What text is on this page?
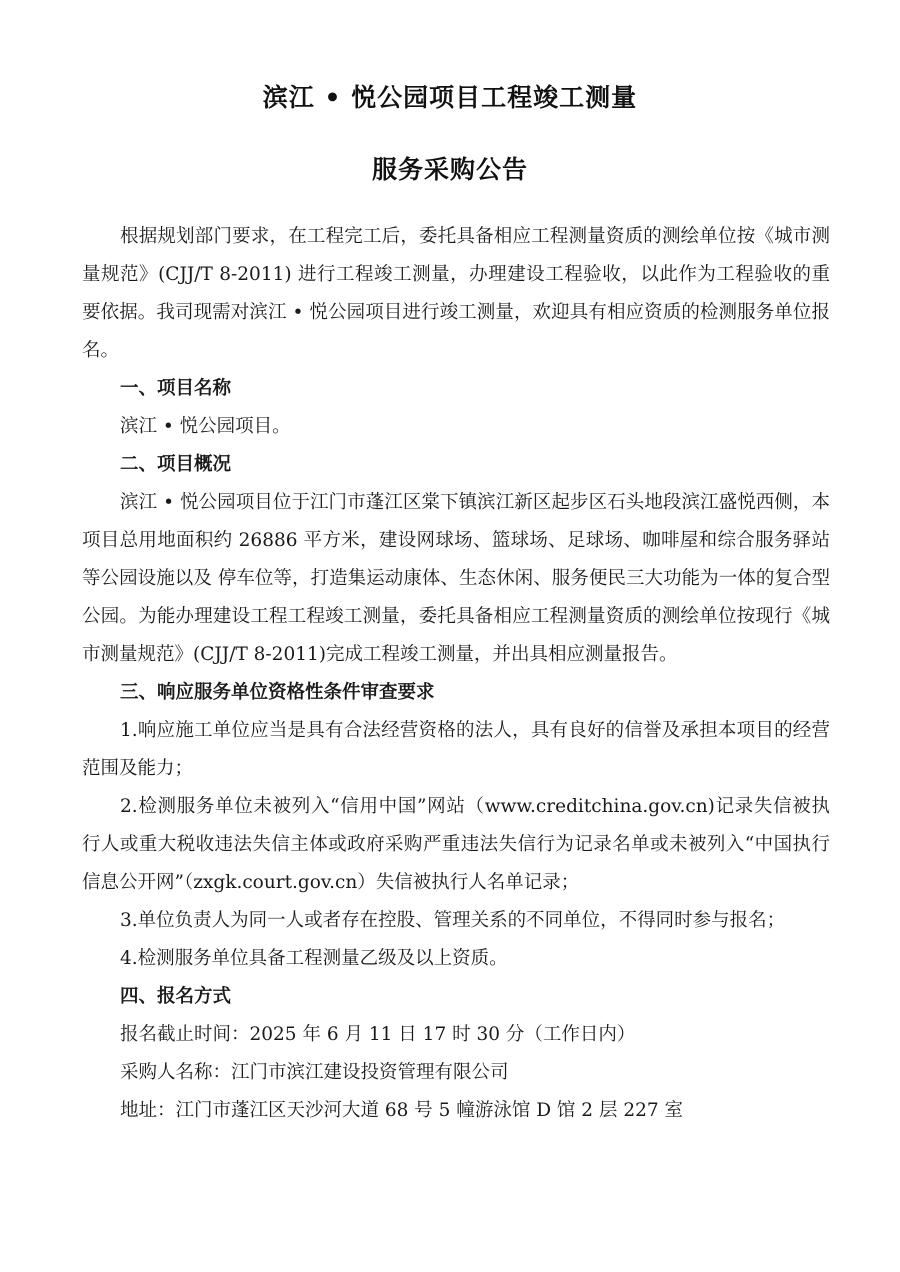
滨江 • 悦公园项目工程竣工测量
服务采购公告

根据规划部门要求，在工程完工后，委托具备相应工程测量资质的测绘单位按《城市测量规范》(CJJ/T 8-2011) 进行工程竣工测量，办理建设工程验收，以此作为工程验收的重要依据。我司现需对滨江 • 悦公园项目进行竣工测量，欢迎具有相应资质的检测服务单位报名。

一、项目名称

滨江 • 悦公园项目。

二、项目概况

滨江 • 悦公园项目位于江门市蓬江区棠下镇滨江新区起步区石头地段滨江盛悦西侧，本项目总用地面积约 26886 平方米，建设网球场、篮球场、足球场、咖啡屋和综合服务驿站等公园设施以及 停车位等，打造集运动康体、生态休闲、服务便民三大功能为一体的复合型公园。为能办理建设工程工程竣工测量，委托具备相应工程测量资质的测绘单位按现行《城市测量规范》(CJJ/T 8-2011)完成工程竣工测量，并出具相应测量报告。

三、响应服务单位资格性条件审查要求

1.响应施工单位应当是具有合法经营资格的法人，具有良好的信誉及承担本项目的经营范围及能力；

2.检测服务单位未被列入“信用中国”网站（www.creditchina.gov.cn)记录失信被执行人或重大税收违法失信主体或政府采购严重违法失信行为记录名单或未被列入“中国执行信息公开网”（zxgk.court.gov.cn）失信被执行人名单记录；

3.单位负责人为同一人或者存在控股、管理关系的不同单位，不得同时参与报名；

4.检测服务单位具备工程测量乙级及以上资质。

四、报名方式

报名截止时间：2025 年 6 月 11 日 17 时 30 分（工作日内）

采购人名称：江门市滨江建设投资管理有限公司

地址：江门市蓬江区天沙河大道 68 号 5 幢游泳馆 D 馆 2 层 227 室
